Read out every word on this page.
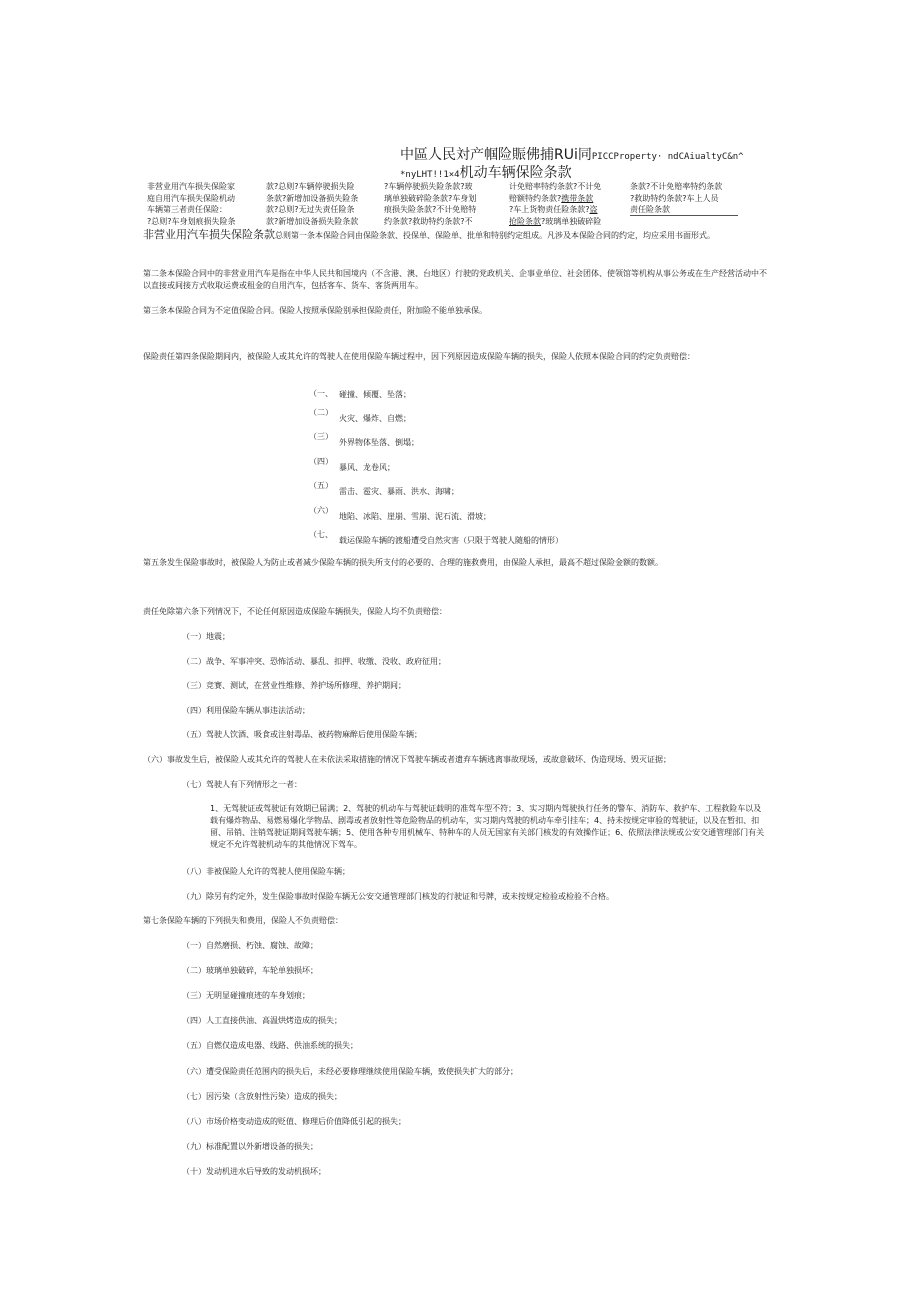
中區人民対产帼险賑佛捕RUi同PICCProperty· ndCAiualtyC&n^
*nyLHT!!1×4机动车辆保险条款
非营业用汽车损失保险家
庭自用汽车损失保险机动
车辆第三者责任保险：
?总则?车身划痕损失险条
款?总则?车辆停驶损失险
条款?新增加设备损失险条
款?总则?无过失责任险条
款?新增加设备损失险条款
?车辆停驶损失险条款?玻
璃单独破碎险条款?车身划
痕损失险条款?不计免赔特
约条款?救助特约条款?不
计免赔率特约条款?不计免
赔额特约条款?携带条款
?车上货物责任险条款?盗
抢险条款?玻璃单独破碎险
条款?不计免赔率特约条款
?救助特约条款?车上人员
责任险条款
非营业用汽车损失保险条款总则第一条本保险合同由保险条款、投保单、保险单、批单和特别约定组成。凡涉及本保险合同的约定，均应采用书面形式。
第二条本保险合同中的非营业用汽车是指在中华人民共和国境内（不含港、澳、台地区）行驶的党政机关、企事业单位、社会团体、使领馆等机构从事公务或在生产经营活动中不以直接或间接方式收取运费或租金的自用汽车，包括客车、货车、客货两用车。
第三条本保险合同为不定值保险合同。保险人按照承保险别承担保险责任，附加险不能单独承保。
保险责任第四条保险期间内，被保险人或其允许的驾驶人在使用保险车辆过程中，因下列原因造成保险车辆的损失，保险人依照本保险合同的约定负责赔偿：
（一、 碰撞、倾覆、坠落；
（二）
火灾、爆炸、自燃；
（三）
外界物体坠落、倒塌；
（四）
暴风、龙卷风；
（五）
雷击、雹灾、暴雨、洪水、海啸；
（六）
地陷、冰陷、崖崩、雪崩、泥石流、滑坡；
（七、
载运保险车辆的渡船遭受自然灾害（只限于驾驶人随船的情形）
第五条发生保险事故时，被保险人为防止或者减少保险车辆的损失所支付的必要的、合理的施救费用，由保险人承担，最高不超过保险金额的数额。
责任免除第六条下列情况下，不论任何原因造成保险车辆损失，保险人均不负责赔偿：
（一）地震；
（二）战争、军事冲突、恐怖活动、暴乱、扣押、收缴、没收、政府征用；
（三）竞赛、测试，在营业性维修、养护场所修理、养护期间；
（四）利用保险车辆从事违法活动；
（五）驾驶人饮酒、吸食或注射毒品、被药物麻醉后使用保险车辆；
（六）事故发生后，被保险人或其允许的驾驶人在未依法采取措施的情况下驾驶车辆或者遗弃车辆逃离事故现场，或故意破坏、伪造现场、毁灭证据；
（七）驾驶人有下列情形之一者：
1、无驾驶证或驾驶证有效期已届满；2、驾驶的机动车与驾驶证载明的准驾车型不符；3、实习期内驾驶执行任务的警车、消防车、救护车、工程救险车以及载有爆炸物品、易燃易爆化学物品、剧毒或者放射性等危险物品的机动车，实习期内驾驶的机动车牵引挂车；4、持未按规定审验的驾驶证，以及在暂扣、扣留、吊销、注销驾驶证期间驾驶车辆；5、使用各种专用机械车、特种车的人员无国家有关部门核发的有效操作证；6、依照法律法规或公安交通管理部门有关规定不允许驾驶机动车的其他情况下驾车。
（八）非被保险人允许的驾驶人使用保险车辆；
（九）除另有约定外，发生保险事故时保险车辆无公安交通管理部门核发的行驶证和号牌，或未按规定检验或检验不合格。
第七条保险车辆的下列损失和费用，保险人不负责赔偿：
（一）自然磨损、朽蚀、腐蚀、故障；
（二）玻璃单独破碎，车轮单独损坏；
（三）无明显碰撞痕迹的车身划痕；
（四）人工直接供油、高温烘烤造成的损失；
（五）自燃仅造成电器、线路、供油系统的损失；
（六）遭受保险责任范围内的损失后，未经必要修理继续使用保险车辆，致使损失扩大的部分；
（七）因污染（含放射性污染）造成的损失；
（八）市场价格变动造成的贬值、修理后价值降低引起的损失；
（九）标准配置以外新增设备的损失；
（十）发动机进水后导致的发动机损坏；
